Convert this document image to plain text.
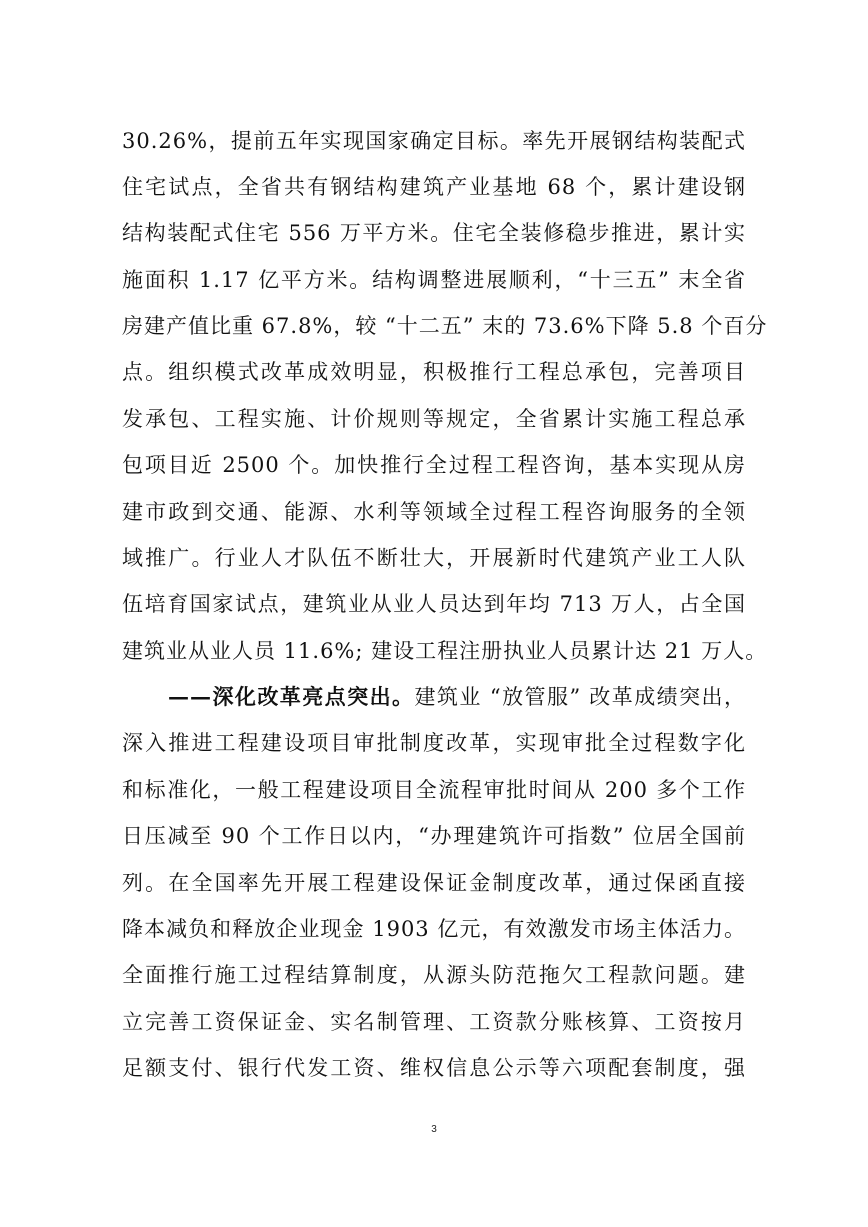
30.26%，提前五年实现国家确定目标。率先开展钢结构装配式
住宅试点，全省共有钢结构建筑产业基地 68 个，累计建设钢
结构装配式住宅 556 万平方米。住宅全装修稳步推进，累计实
施面积 1.17 亿平方米。结构调整进展顺利，“十三五” 末全省
房建产值比重 67.8%，较 “十二五” 末的 73.6%下降 5.8 个百分
点。组织模式改革成效明显，积极推行工程总承包，完善项目
发承包、工程实施、计价规则等规定，全省累计实施工程总承
包项目近 2500 个。加快推行全过程工程咨询，基本实现从房
建市政到交通、能源、水利等领域全过程工程咨询服务的全领
域推广。行业人才队伍不断壮大，开展新时代建筑产业工人队
伍培育国家试点，建筑业从业人员达到年均 713 万人，占全国
建筑业从业人员 11.6%; 建设工程注册执业人员累计达 21 万人。
——深化改革亮点突出。建筑业 “放管服” 改革成绩突出，
深入推进工程建设项目审批制度改革，实现审批全过程数字化
和标准化，一般工程建设项目全流程审批时间从 200 多个工作
日压减至 90 个工作日以内，“办理建筑许可指数” 位居全国前
列。在全国率先开展工程建设保证金制度改革，通过保函直接
降本减负和释放企业现金 1903 亿元，有效激发市场主体活力。
全面推行施工过程结算制度，从源头防范拖欠工程款问题。建
立完善工资保证金、实名制管理、工资款分账核算、工资按月
足额支付、银行代发工资、维权信息公示等六项配套制度，强
3
